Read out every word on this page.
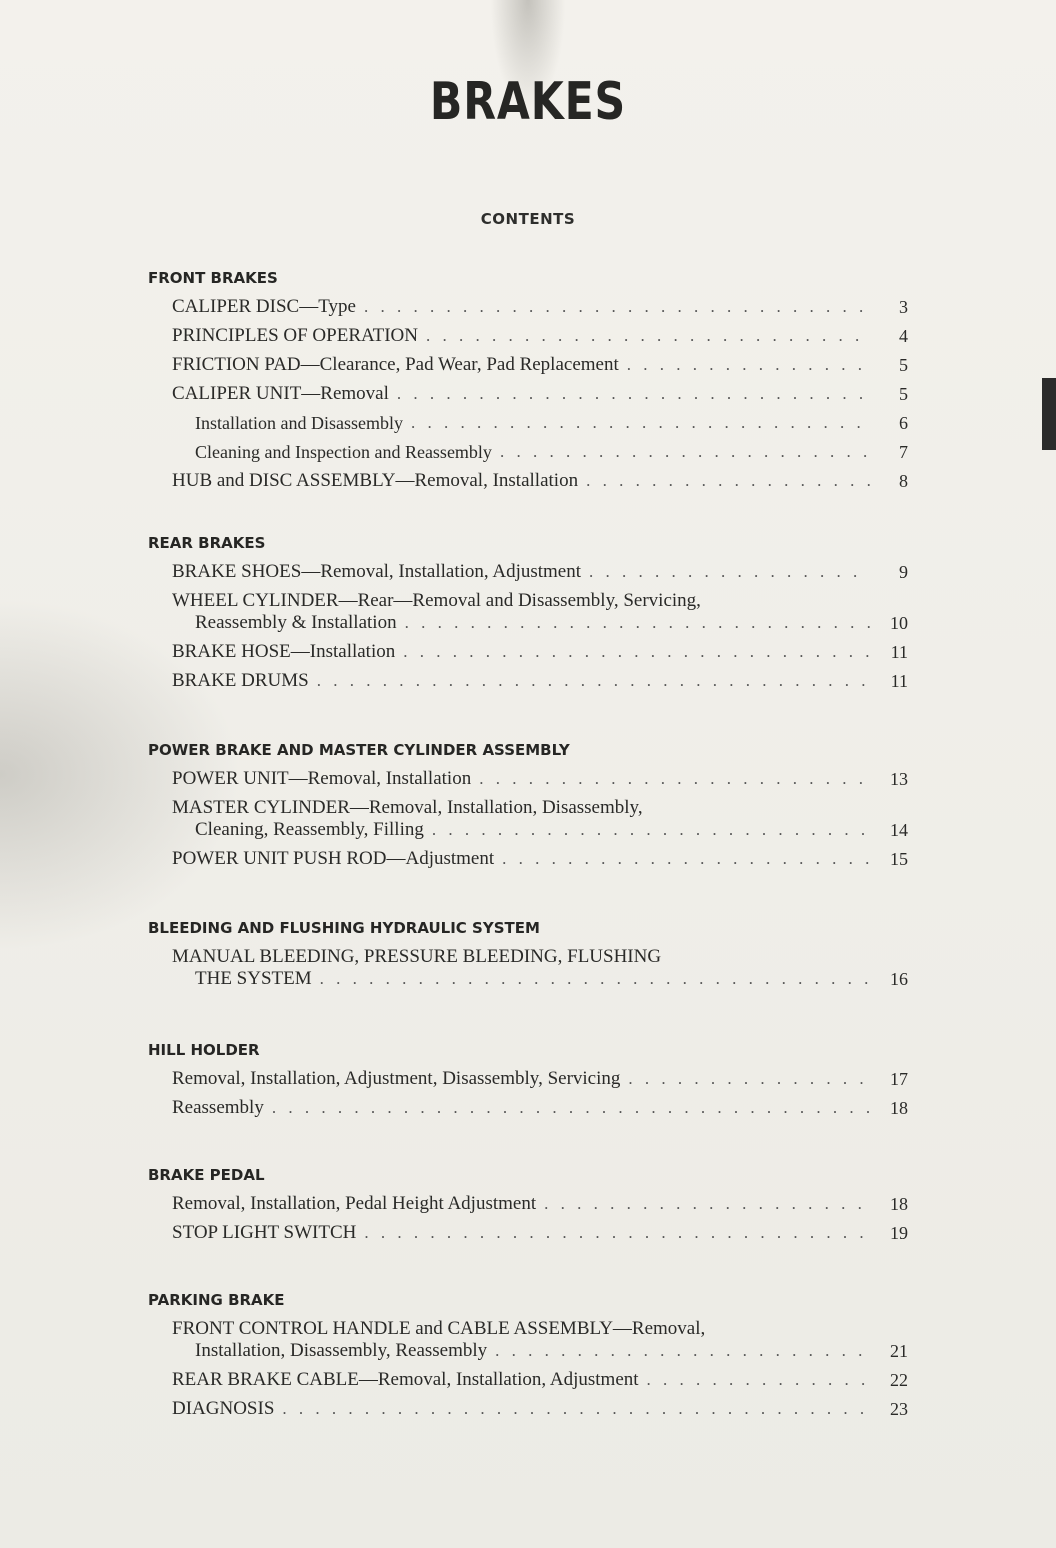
BRAKES
CONTENTS
FRONT BRAKES
CALIPER DISC—Type . . .	3
PRINCIPLES OF OPERATION . . .	4
FRICTION PAD—Clearance, Pad Wear, Pad Replacement . . .	5
CALIPER UNIT—Removal . . .	5
Installation and Disassembly . . .	6
Cleaning and Inspection and Reassembly . . .	7
HUB and DISC ASSEMBLY—Removal, Installation . . .	8
REAR BRAKES
BRAKE SHOES—Removal, Installation, Adjustment . . .	9
WHEEL CYLINDER—Rear—Removal and Disassembly, Servicing,
Reassembly & Installation . . .	10
BRAKE HOSE—Installation . . .	11
BRAKE DRUMS . . .	11
POWER BRAKE AND MASTER CYLINDER ASSEMBLY
POWER UNIT—Removal, Installation . . .	13
MASTER CYLINDER—Removal, Installation, Disassembly,
Cleaning, Reassembly, Filling . . .	14
POWER UNIT PUSH ROD—Adjustment . . .	15
BLEEDING AND FLUSHING HYDRAULIC SYSTEM
MANUAL BLEEDING, PRESSURE BLEEDING, FLUSHING
THE SYSTEM . . .	16
HILL HOLDER
Removal, Installation, Adjustment, Disassembly, Servicing . . .	17
Reassembly . . .	18
BRAKE PEDAL
Removal, Installation, Pedal Height Adjustment . . .	18
STOP LIGHT SWITCH . . .	19
PARKING BRAKE
FRONT CONTROL HANDLE and CABLE ASSEMBLY—Removal,
Installation, Disassembly, Reassembly . . .	21
REAR BRAKE CABLE—Removal, Installation, Adjustment . . .	22
DIAGNOSIS . . .	23
